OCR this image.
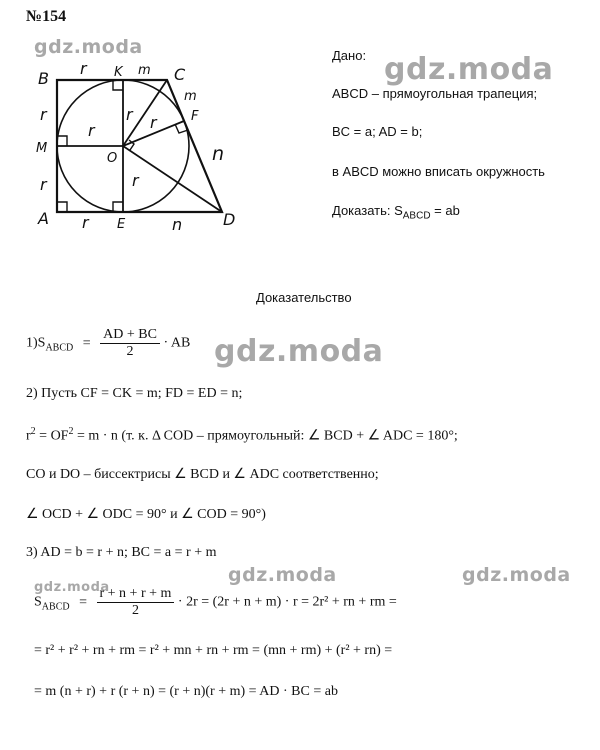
№154
gdz.moda
gdz.moda
gdz.moda
gdz.moda
gdz.moda	gdz.moda
B	C
A	D
K
M
E
F
O
r	m
m
r
r
r
r r
r
r	n
n
Дано:
ABCD – прямоугольная трапеция;
BC = a; AD = b;
в ABCD можно вписать окружность
Доказать: $S_{ABCD}$ = ab
Доказательство
$1)S_{ABCD} = \frac{AD + BC}{2}$ · AB
2) Пусть CF = CK = m; FD = ED = n;
$r^2 = OF^2 = m \cdot n$ (т. к. Δ COD – прямоугольный: ∠ BCD + ∠ ADC = 180°;
CO и DO – биссектрисы ∠ BCD и ∠ ADC соответственно;
∠ OCD + ∠ ODC = 90° и ∠ COD = 90°)
3) AD = b = r + n; BC = a = r + m
$S_{ABCD} = \frac{r + n + r + m}{2} \cdot 2r = (2r + n + m) \cdot r = 2r^2$ + rn + rm =
= r² + r² + rn + rm = r² + mn + rn + rm = (mn + rm) + (r² + rn) =
= m (n + r) + r (r + n) = (r + n)(r + m) = AD · BC = ab
